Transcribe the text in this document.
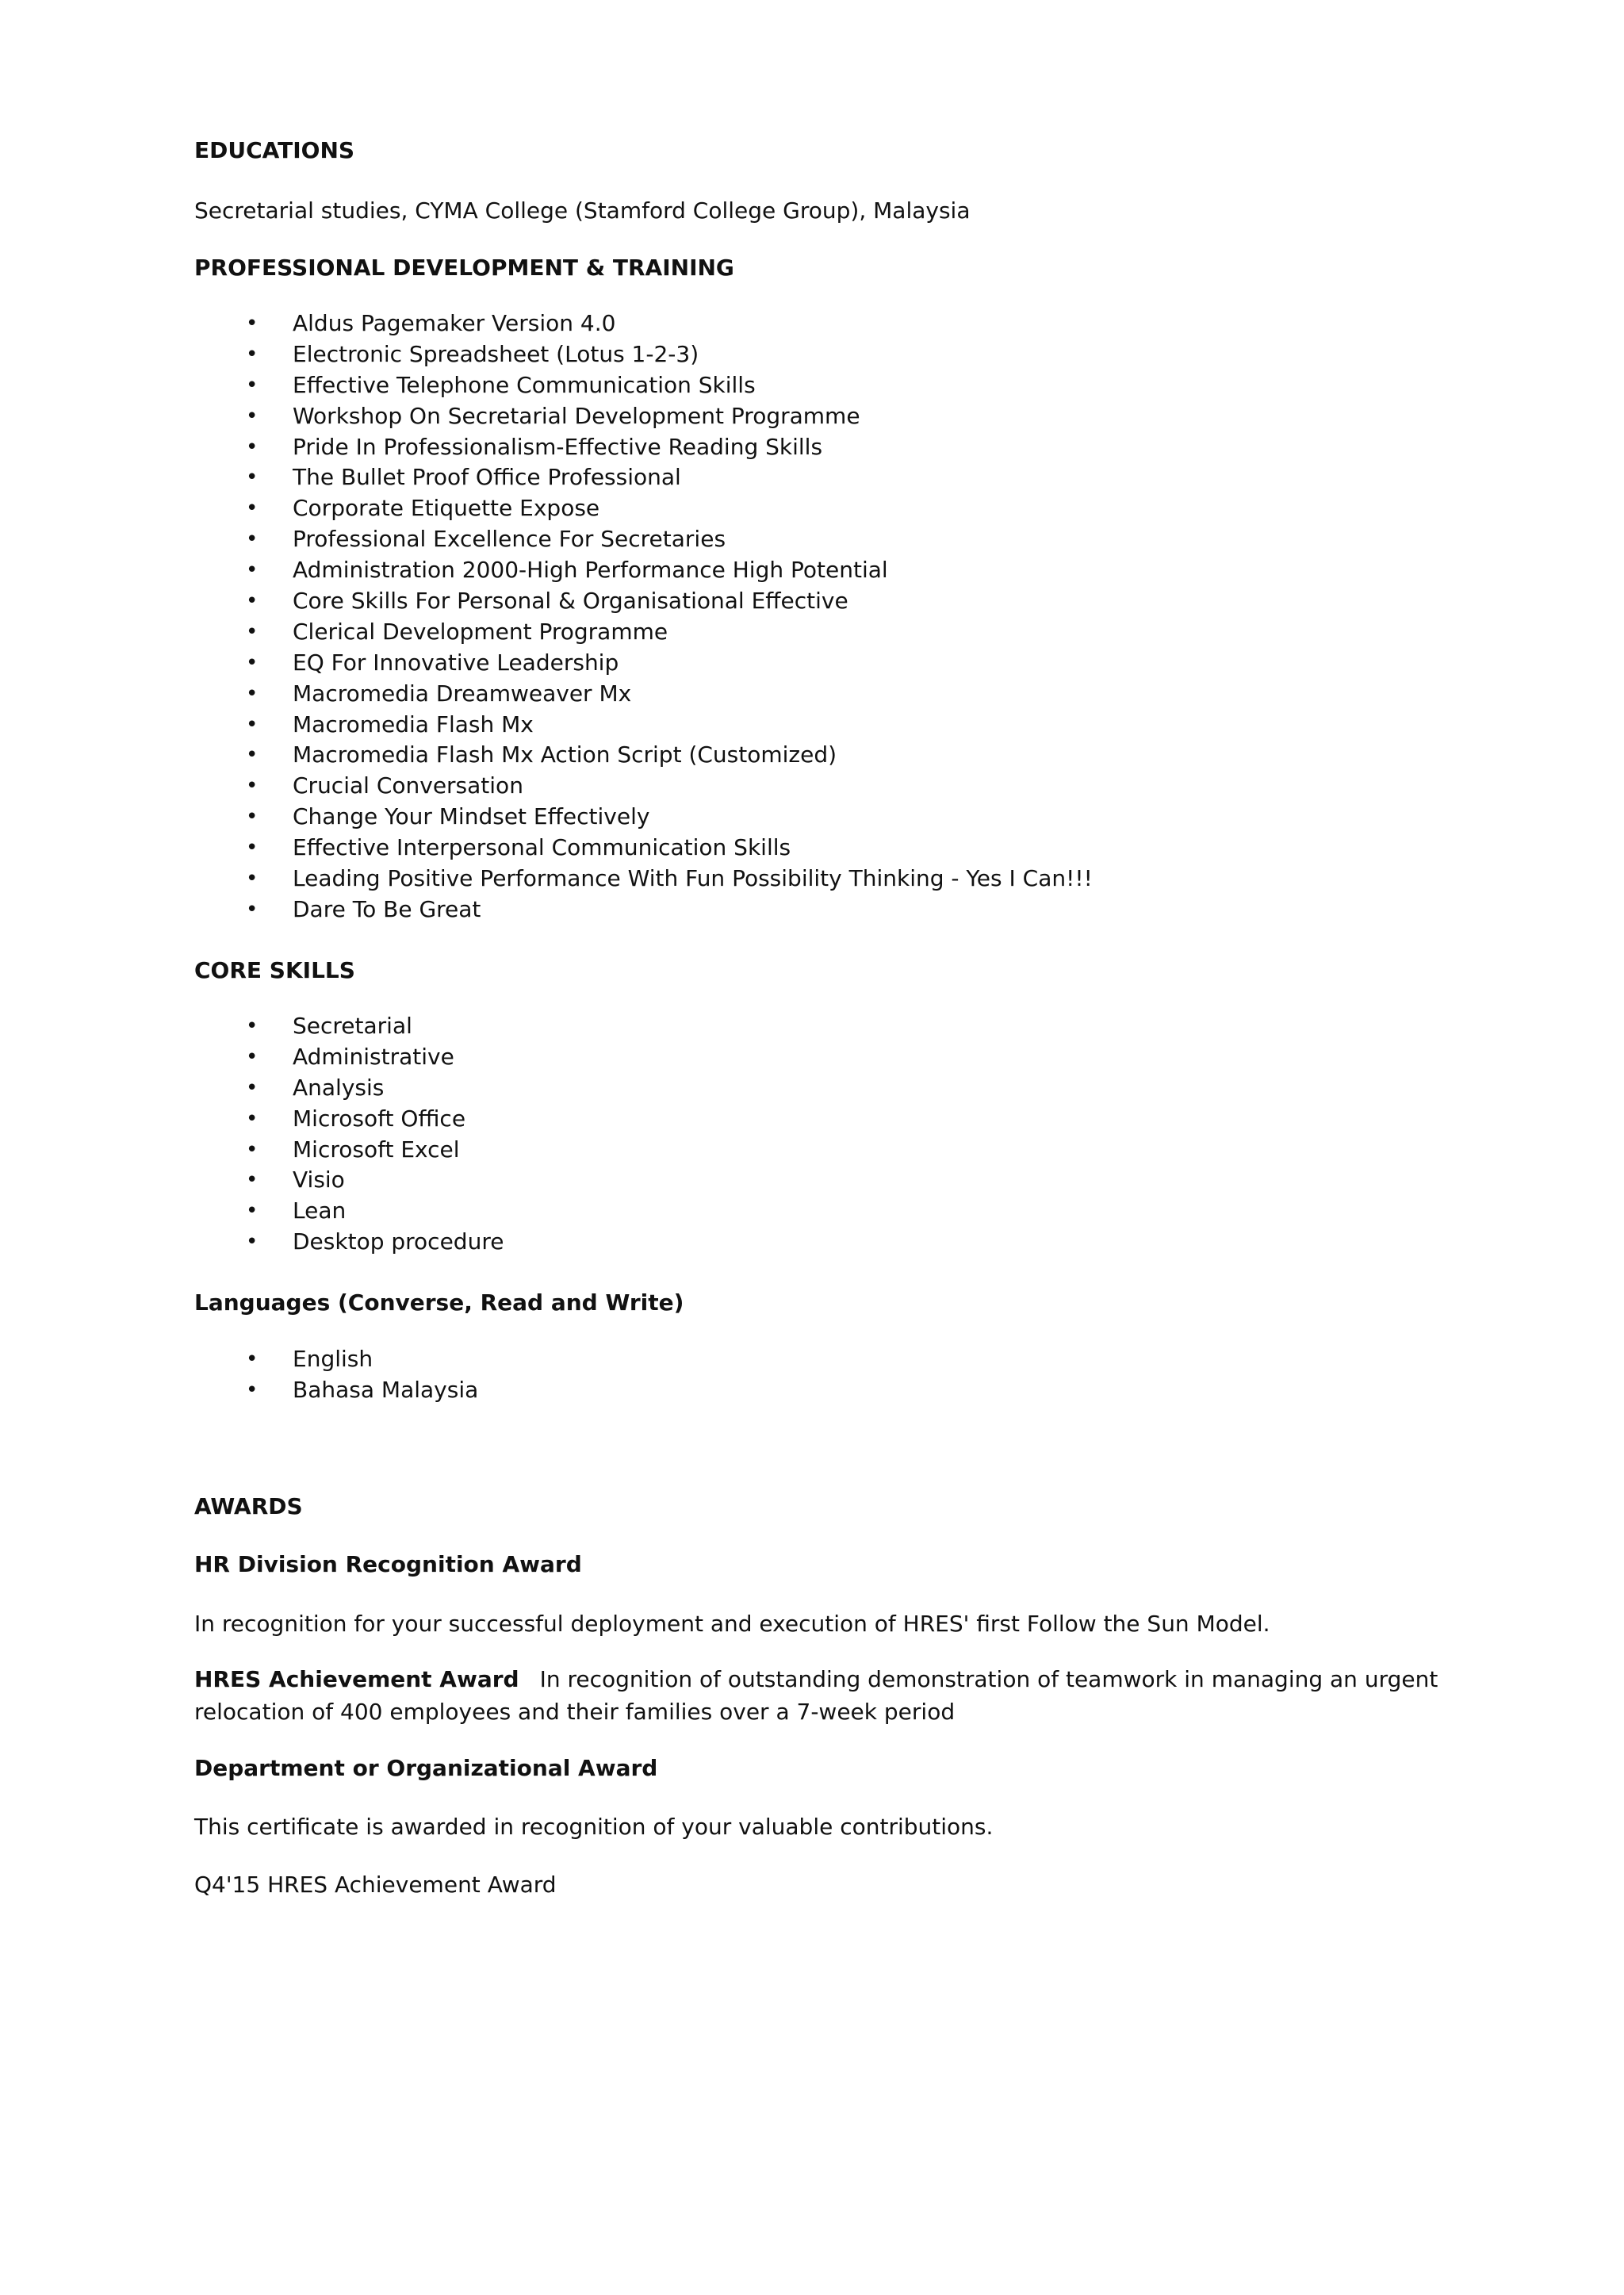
EDUCATIONS
Secretarial studies, CYMA College (Stamford College Group), Malaysia
PROFESSIONAL DEVELOPMENT & TRAINING
• Aldus Pagemaker Version 4.0
• Electronic Spreadsheet (Lotus 1-2-3)
• Effective Telephone Communication Skills
• Workshop On Secretarial Development Programme
• Pride In Professionalism-Effective Reading Skills
• The Bullet Proof Office Professional
• Corporate Etiquette Expose
• Professional Excellence For Secretaries
• Administration 2000-High Performance High Potential
• Core Skills For Personal & Organisational Effective
• Clerical Development Programme
• EQ For Innovative Leadership
• Macromedia Dreamweaver Mx
• Macromedia Flash Mx
• Macromedia Flash Mx Action Script (Customized)
• Crucial Conversation
• Change Your Mindset Effectively
• Effective Interpersonal Communication Skills
• Leading Positive Performance With Fun Possibility Thinking - Yes I Can!!!
• Dare To Be Great
CORE SKILLS
• Secretarial
• Administrative
• Analysis
• Microsoft Office
• Microsoft Excel
• Visio
• Lean
• Desktop procedure
Languages (Converse, Read and Write)
• English
• Bahasa Malaysia
AWARDS
HR Division Recognition Award
In recognition for your successful deployment and execution of HRES' first Follow the Sun Model.
HRES Achievement Award In recognition of outstanding demonstration of teamwork in managing an urgent
relocation of 400 employees and their families over a 7-week period
Department or Organizational Award
This certificate is awarded in recognition of your valuable contributions.
Q4'15 HRES Achievement Award
